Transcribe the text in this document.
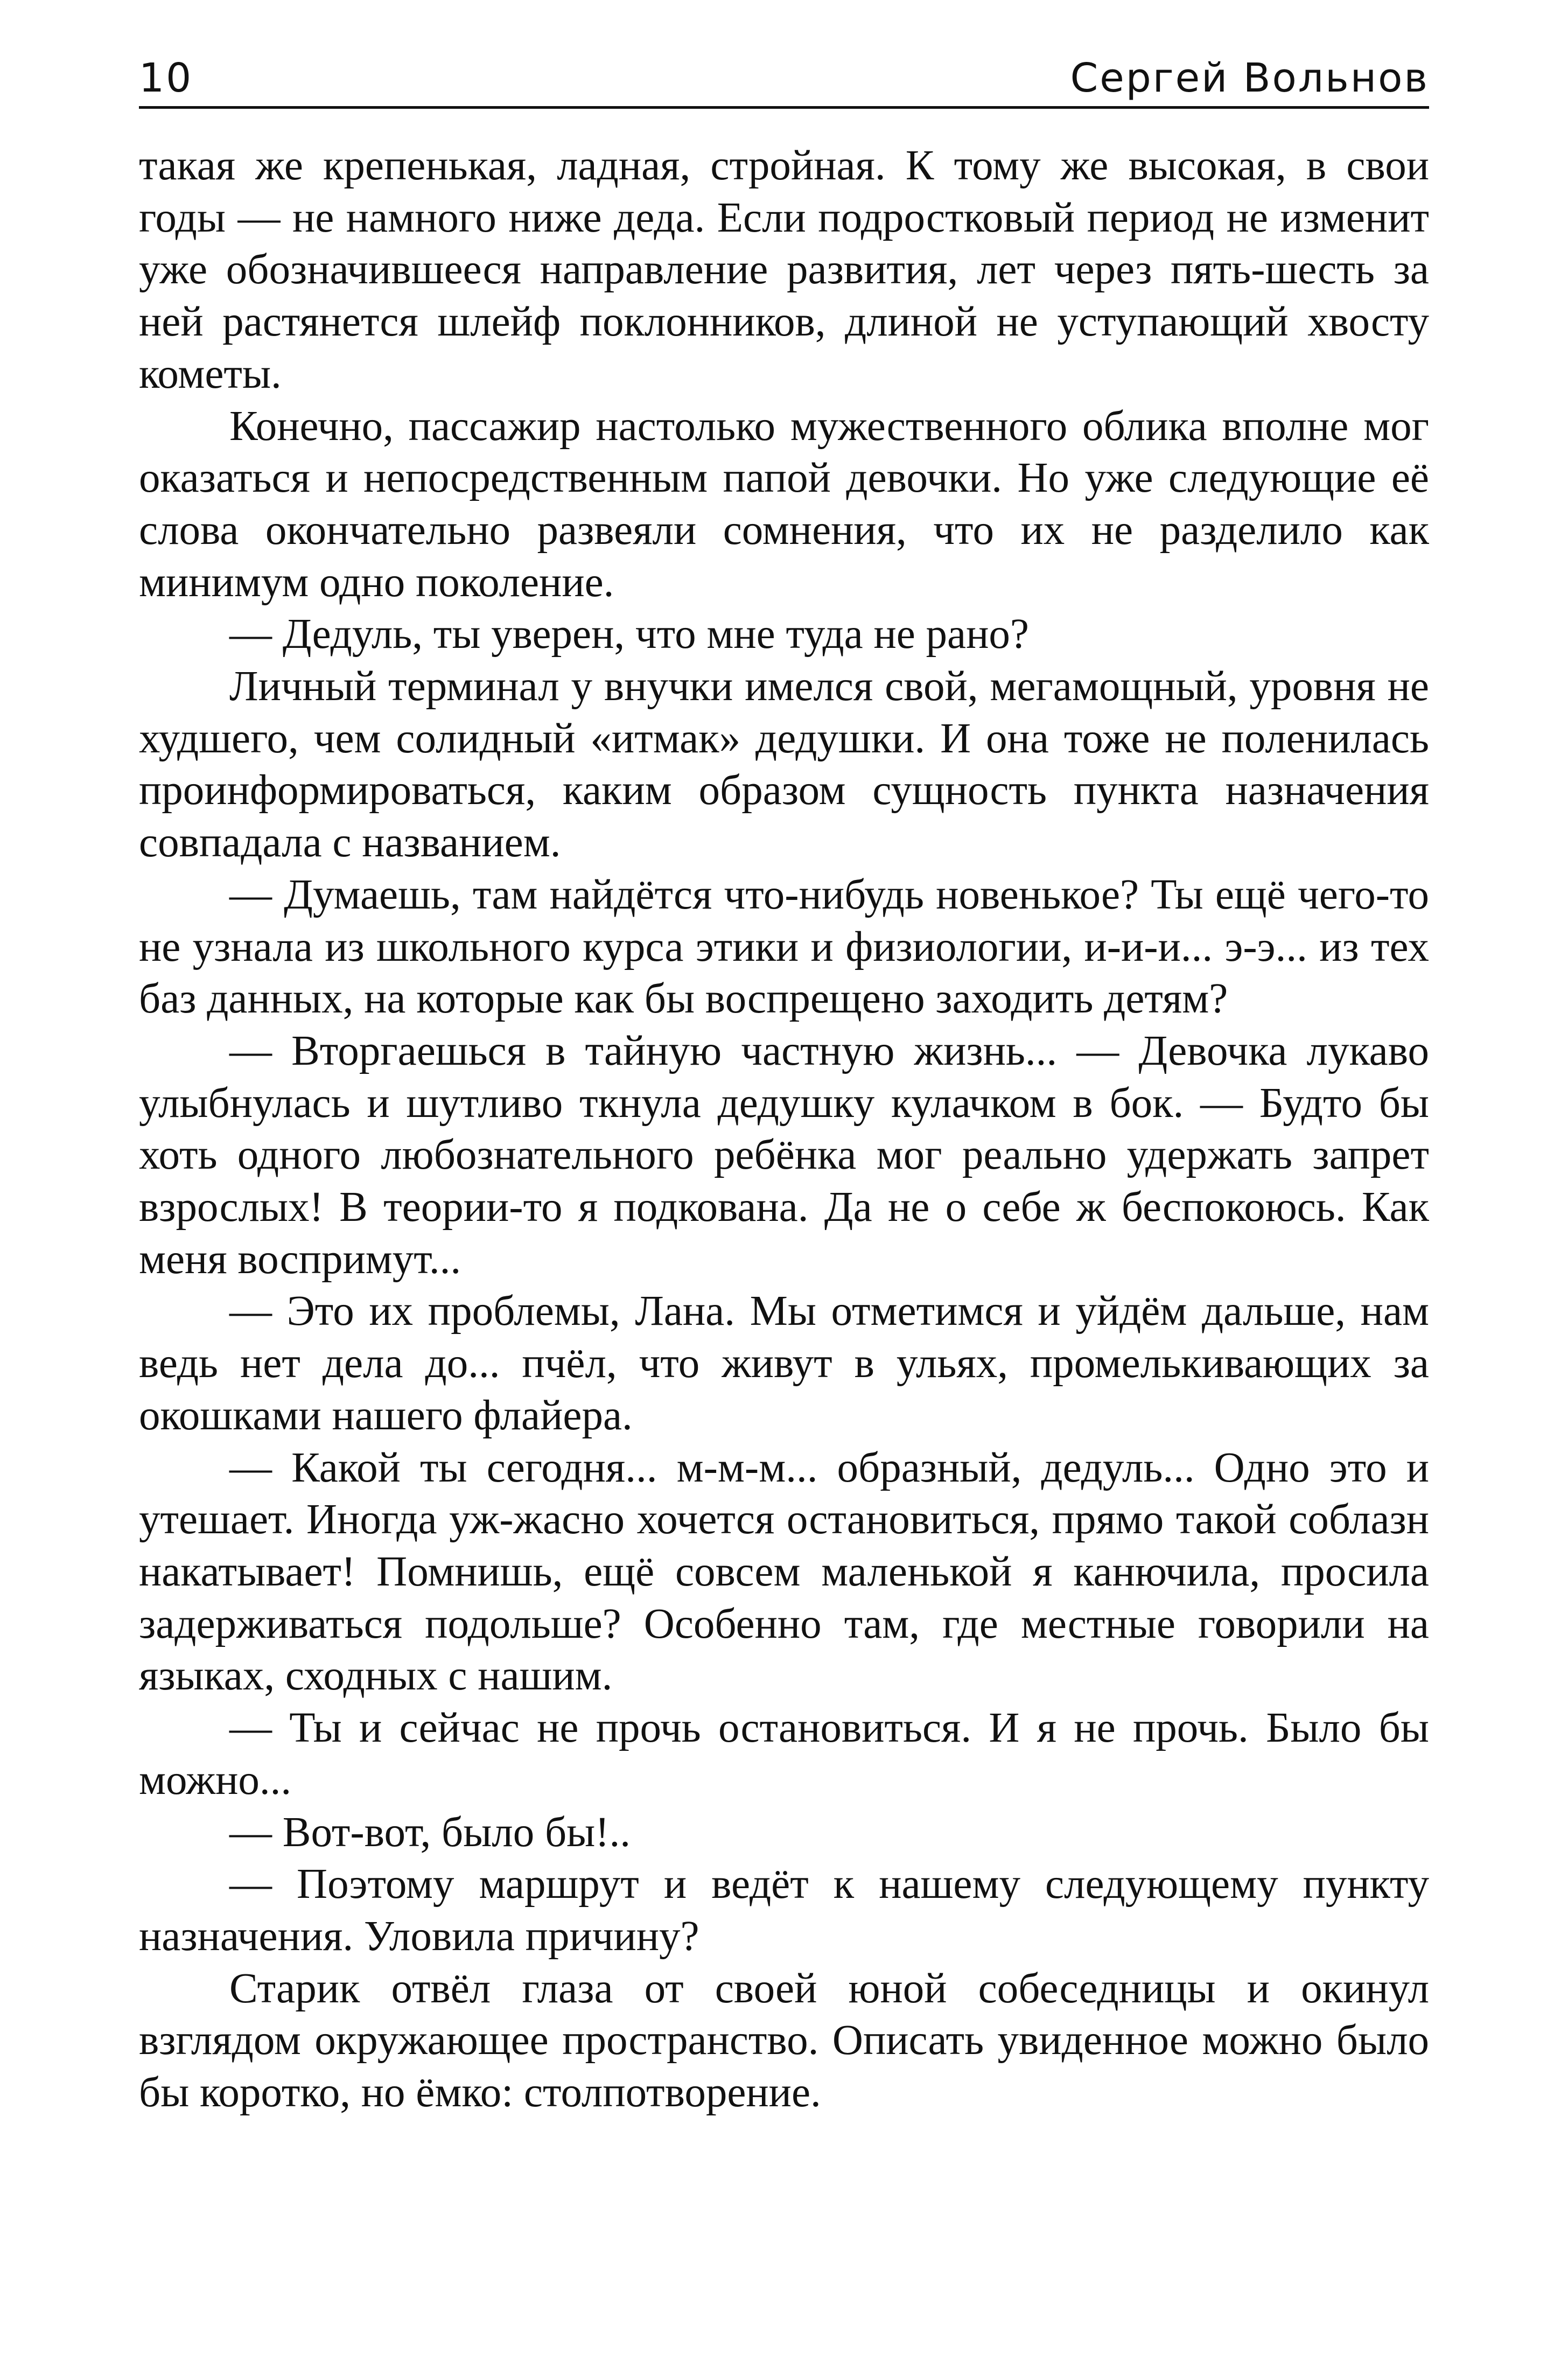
10	Сергей Вольнов

такая же крепенькая, ладная, стройная. К тому же высокая, в свои годы — не намного ниже деда. Если подростковый период не изменит уже обозначившееся направление развития, лет через пять-шесть за ней растянется шлейф поклонников, длиной не уступающий хвосту кометы.

Конечно, пассажир настолько мужественного облика вполне мог оказаться и непосредственным папой девочки. Но уже следующие её слова окончательно развеяли сомнения, что их не разделило как минимум одно поколение.

— Дедуль, ты уверен, что мне туда не рано?

Личный терминал у внучки имелся свой, мегамощный, уровня не худшего, чем солидный «итмак» дедушки. И она тоже не поленилась проинформироваться, каким образом сущность пункта назначения совпадала с названием.

— Думаешь, там найдётся что-нибудь новенькое? Ты ещё чего-то не узнала из школьного курса этики и физиологии, и-и-и... э-э... из тех баз данных, на которые как бы воспрещено заходить детям?

— Вторгаешься в тайную частную жизнь... — Девочка лукаво улыбнулась и шутливо ткнула дедушку кулачком в бок. — Будто бы хоть одного любознательного ребёнка мог реально удержать запрет взрослых! В теории-то я подкована. Да не о себе ж беспокоюсь. Как меня воспримут...

— Это их проблемы, Лана. Мы отметимся и уйдём дальше, нам ведь нет дела до... пчёл, что живут в ульях, промелькивающих за окошками нашего флайера.

— Какой ты сегодня... м-м-м... образный, дедуль... Одно это и утешает. Иногда уж-жасно хочется остановиться, прямо такой соблазн накатывает! Помнишь, ещё совсем маленькой я канючила, просила задерживаться подольше? Особенно там, где местные говорили на языках, сходных с нашим.

— Ты и сейчас не прочь остановиться. И я не прочь. Было бы можно...

— Вот-вот, было бы!..

— Поэтому маршрут и ведёт к нашему следующему пункту назначения. Уловила причину?

Старик отвёл глаза от своей юной собеседницы и окинул взглядом окружающее пространство. Описать увиденное можно было бы коротко, но ёмко: столпотворение.
